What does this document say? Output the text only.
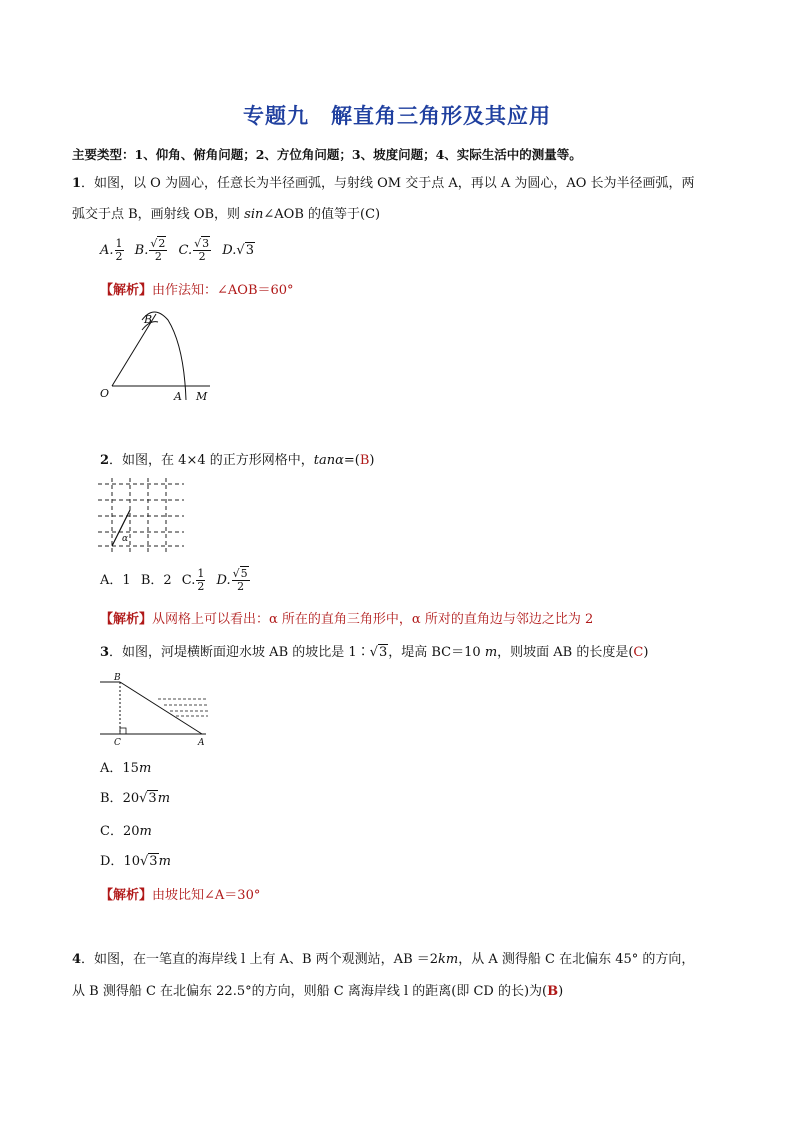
专题九　解直角三角形及其应用
主要类型：1、仰角、俯角问题；2、方位角问题；3、坡度问题；4、实际生活中的测量等。
1．如图，以 O 为圆心，任意长为半径画弧，与射线 OM 交于点 A，再以 A 为圆心，AO 长为半径画弧，两
弧交于点 B，画射线 OB，则 sin∠AOB 的值等于(C)
A. $\frac{1}{2} B$. $\frac{√2}{2} C$. $\frac{√3}{2} D.√3$
【解析】由作法知：∠AOB＝60°
B
O	A M
2．如图，在 4×4 的正方形网格中，tanα=(B)
α
A．1 B．2 C. $\frac{1}{2} D$. $\frac{√5}{2}$
【解析】从网格上可以看出：α 所在的直角三角形中，α 所对的直角边与邻边之比为 2
3．如图，河堤横断面迎水坡 AB 的坡比是 1∶√3，堤高 BC＝10 m，则坡面 AB 的长度是(C)
B
C	A
A．15m
B．20√3m
C．20m
D．10√3m
【解析】由坡比知∠A＝30°
4．如图，在一笔直的海岸线 l 上有 A、B 两个观测站，AB ＝2km，从 A 测得船 C 在北偏东 45° 的方向，
从 B 测得船 C 在北偏东 22.5°的方向，则船 C 离海岸线 l 的距离(即 CD 的长)为(B)
